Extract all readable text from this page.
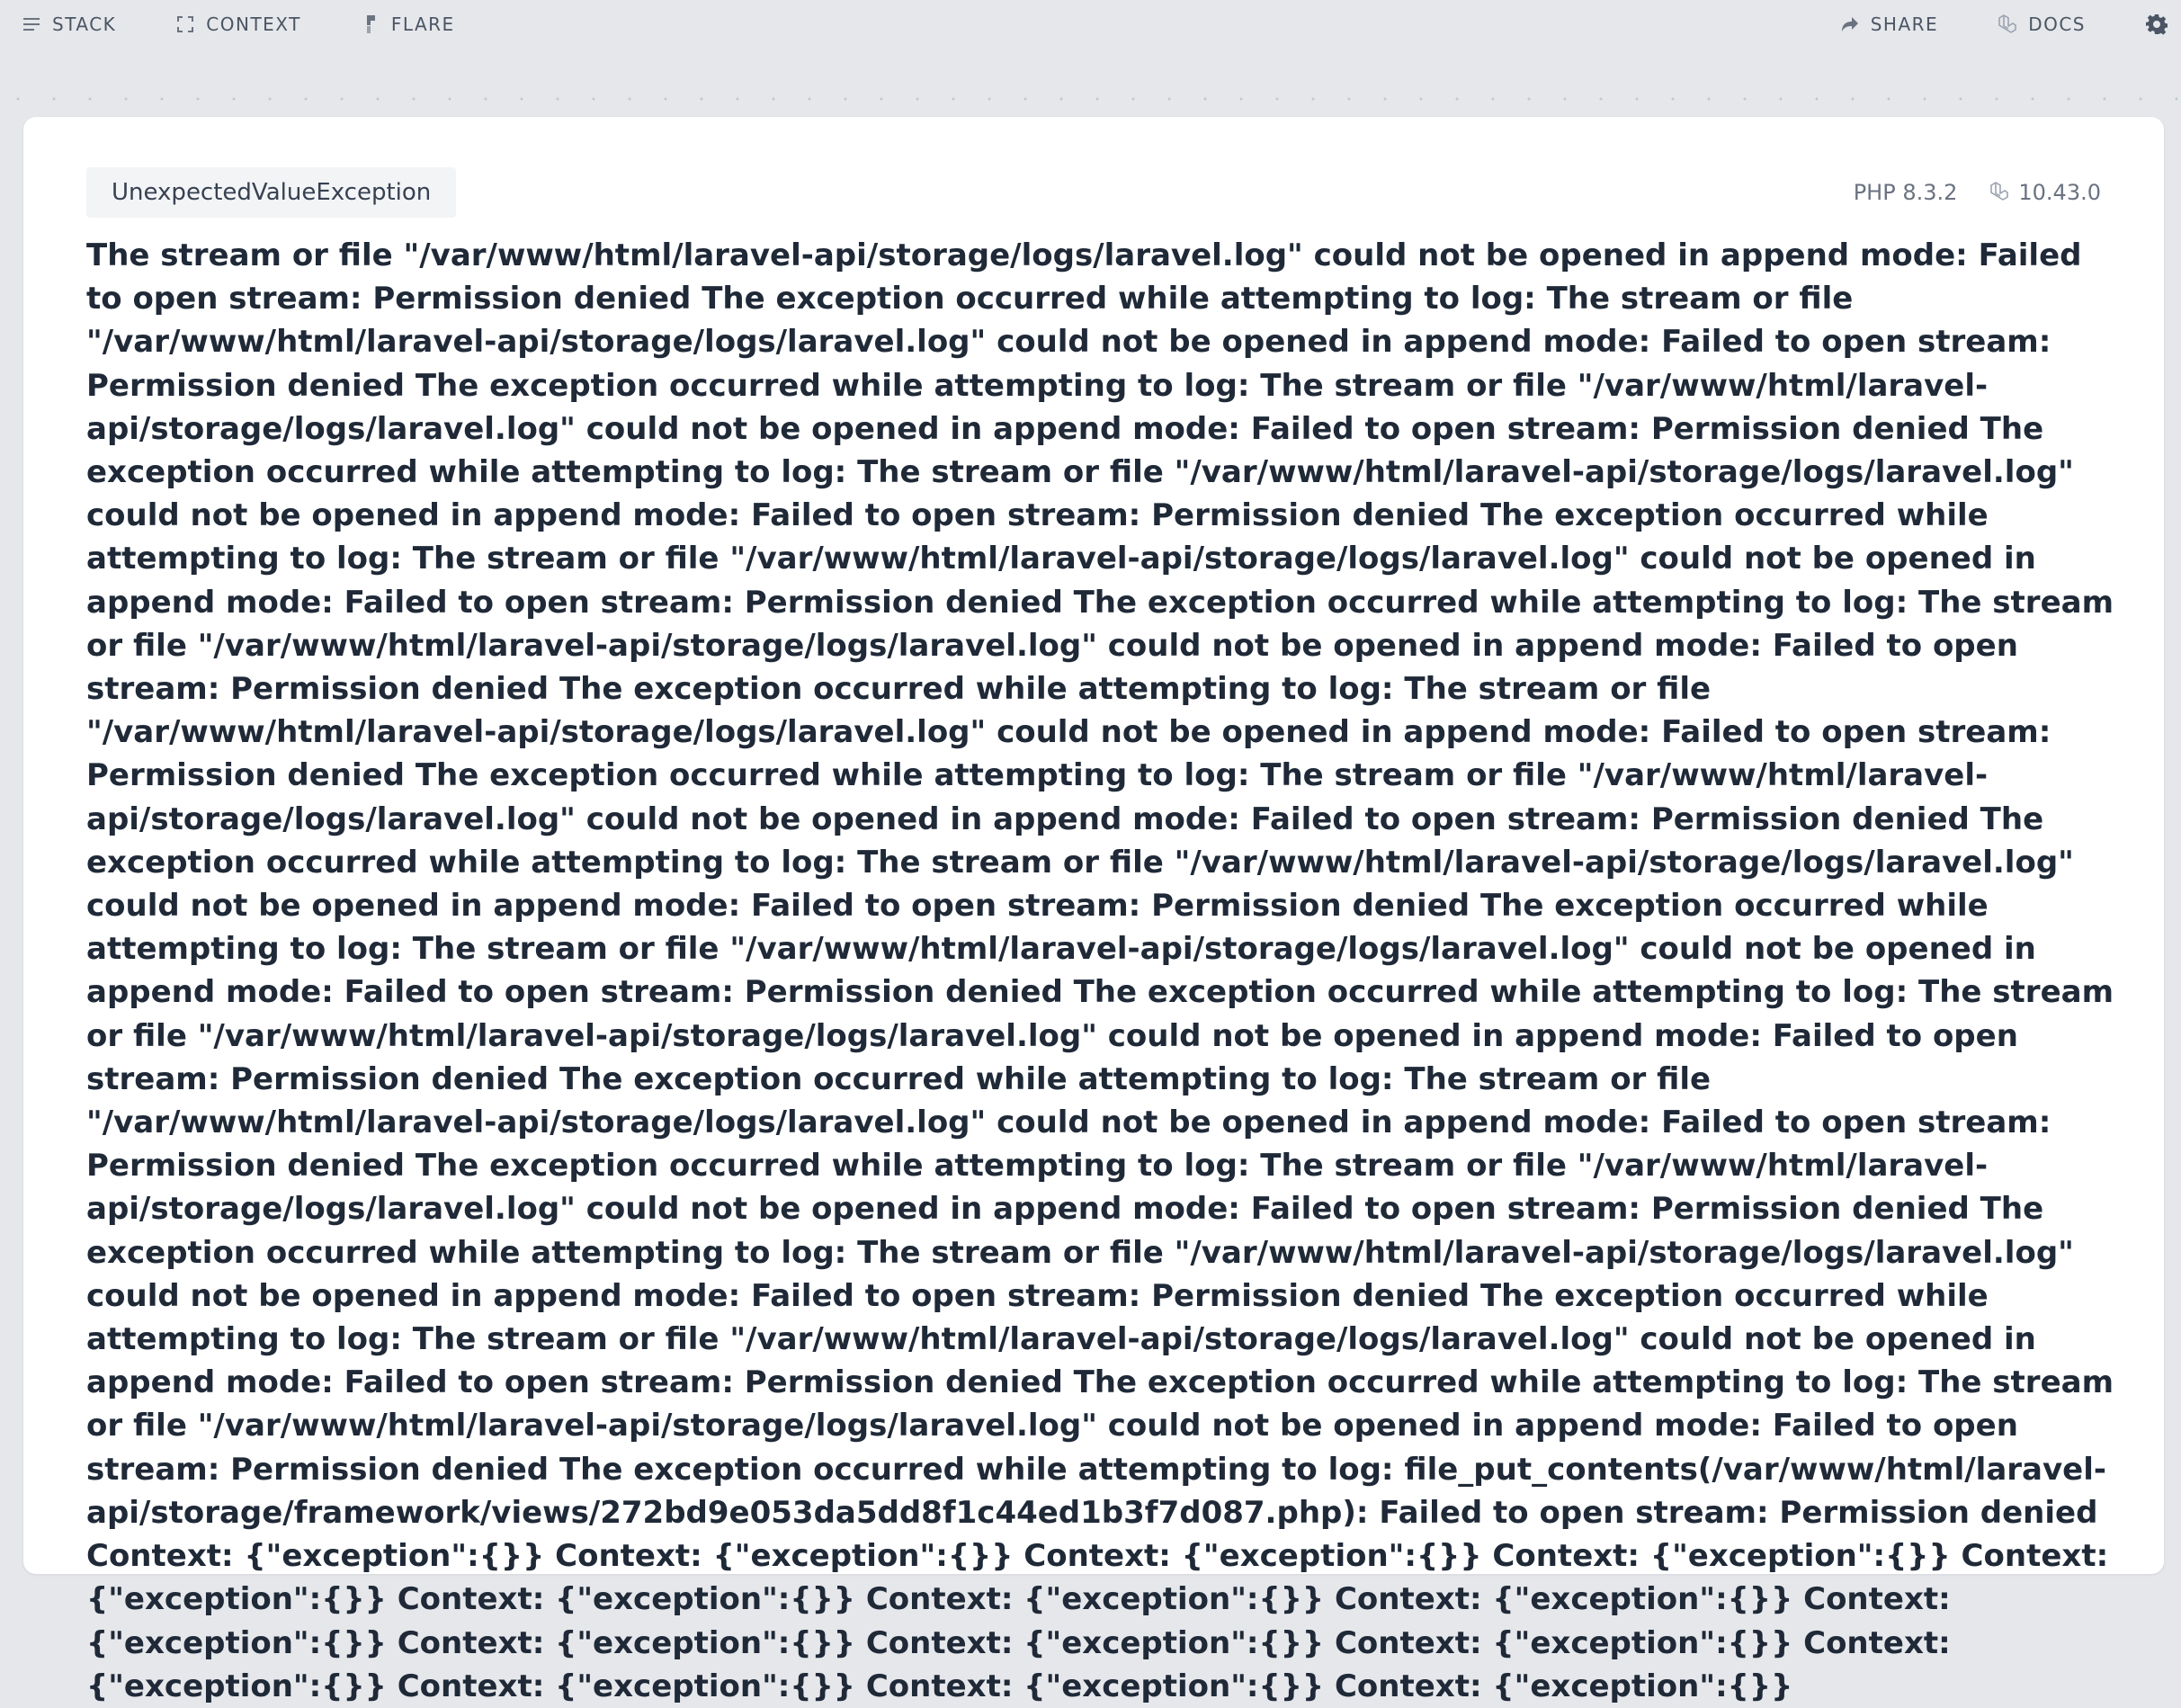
STACK	CONTEXT	FLARE	SHARE	DOCS
UnexpectedValueException	PHP 8.3.2	10.43.0
The stream or file "/var/www/html/laravel-api/storage/logs/laravel.log" could not be opened in append mode: Failed to open stream: Permission denied The exception occurred while attempting to log: The stream or file "/var/www/html/laravel-api/storage/logs/laravel.log" could not be opened in append mode: Failed to open stream: Permission denied The exception occurred while attempting to log: The stream or file "/var/www/html/laravel-api/storage/logs/laravel.log" could not be opened in append mode: Failed to open stream: Permission denied The exception occurred while attempting to log: The stream or file "/var/www/html/laravel-api/storage/logs/laravel.log" could not be opened in append mode: Failed to open stream: Permission denied The exception occurred while attempting to log: The stream or file "/var/www/html/laravel-api/storage/logs/laravel.log" could not be opened in append mode: Failed to open stream: Permission denied The exception occurred while attempting to log: The stream or file "/var/www/html/laravel-api/storage/logs/laravel.log" could not be opened in append mode: Failed to open stream: Permission denied The exception occurred while attempting to log: The stream or file "/var/www/html/laravel-api/storage/logs/laravel.log" could not be opened in append mode: Failed to open stream: Permission denied The exception occurred while attempting to log: The stream or file "/var/www/html/laravel-api/storage/logs/laravel.log" could not be opened in append mode: Failed to open stream: Permission denied The exception occurred while attempting to log: The stream or file "/var/www/html/laravel-api/storage/logs/laravel.log" could not be opened in append mode: Failed to open stream: Permission denied The exception occurred while attempting to log: The stream or file "/var/www/html/laravel-api/storage/logs/laravel.log" could not be opened in append mode: Failed to open stream: Permission denied The exception occurred while attempting to log: The stream or file "/var/www/html/laravel-api/storage/logs/laravel.log" could not be opened in append mode: Failed to open stream: Permission denied The exception occurred while attempting to log: The stream or file "/var/www/html/laravel-api/storage/logs/laravel.log" could not be opened in append mode: Failed to open stream: Permission denied The exception occurred while attempting to log: The stream or file "/var/www/html/laravel-api/storage/logs/laravel.log" could not be opened in append mode: Failed to open stream: Permission denied The exception occurred while attempting to log: The stream or file "/var/www/html/laravel-api/storage/logs/laravel.log" could not be opened in append mode: Failed to open stream: Permission denied The exception occurred while attempting to log: The stream or file "/var/www/html/laravel-api/storage/logs/laravel.log" could not be opened in append mode: Failed to open stream: Permission denied The exception occurred while attempting to log: The stream or file "/var/www/html/laravel-api/storage/logs/laravel.log" could not be opened in append mode: Failed to open stream: Permission denied The exception occurred while attempting to log: file_put_contents(/var/www/html/laravel-api/storage/framework/views/272bd9e053da5dd8f1c44ed1b3f7d087.php): Failed to open stream: Permission denied Context: {"exception":{}} Context: {"exception":{}} Context: {"exception":{}} Context: {"exception":{}} Context: {"exception":{}} Context: {"exception":{}} Context: {"exception":{}} Context: {"exception":{}} Context: {"exception":{}} Context: {"exception":{}} Context: {"exception":{}} Context: {"exception":{}} Context: {"exception":{}} Context: {"exception":{}} Context: {"exception":{}} Context: {"exception":{}}
